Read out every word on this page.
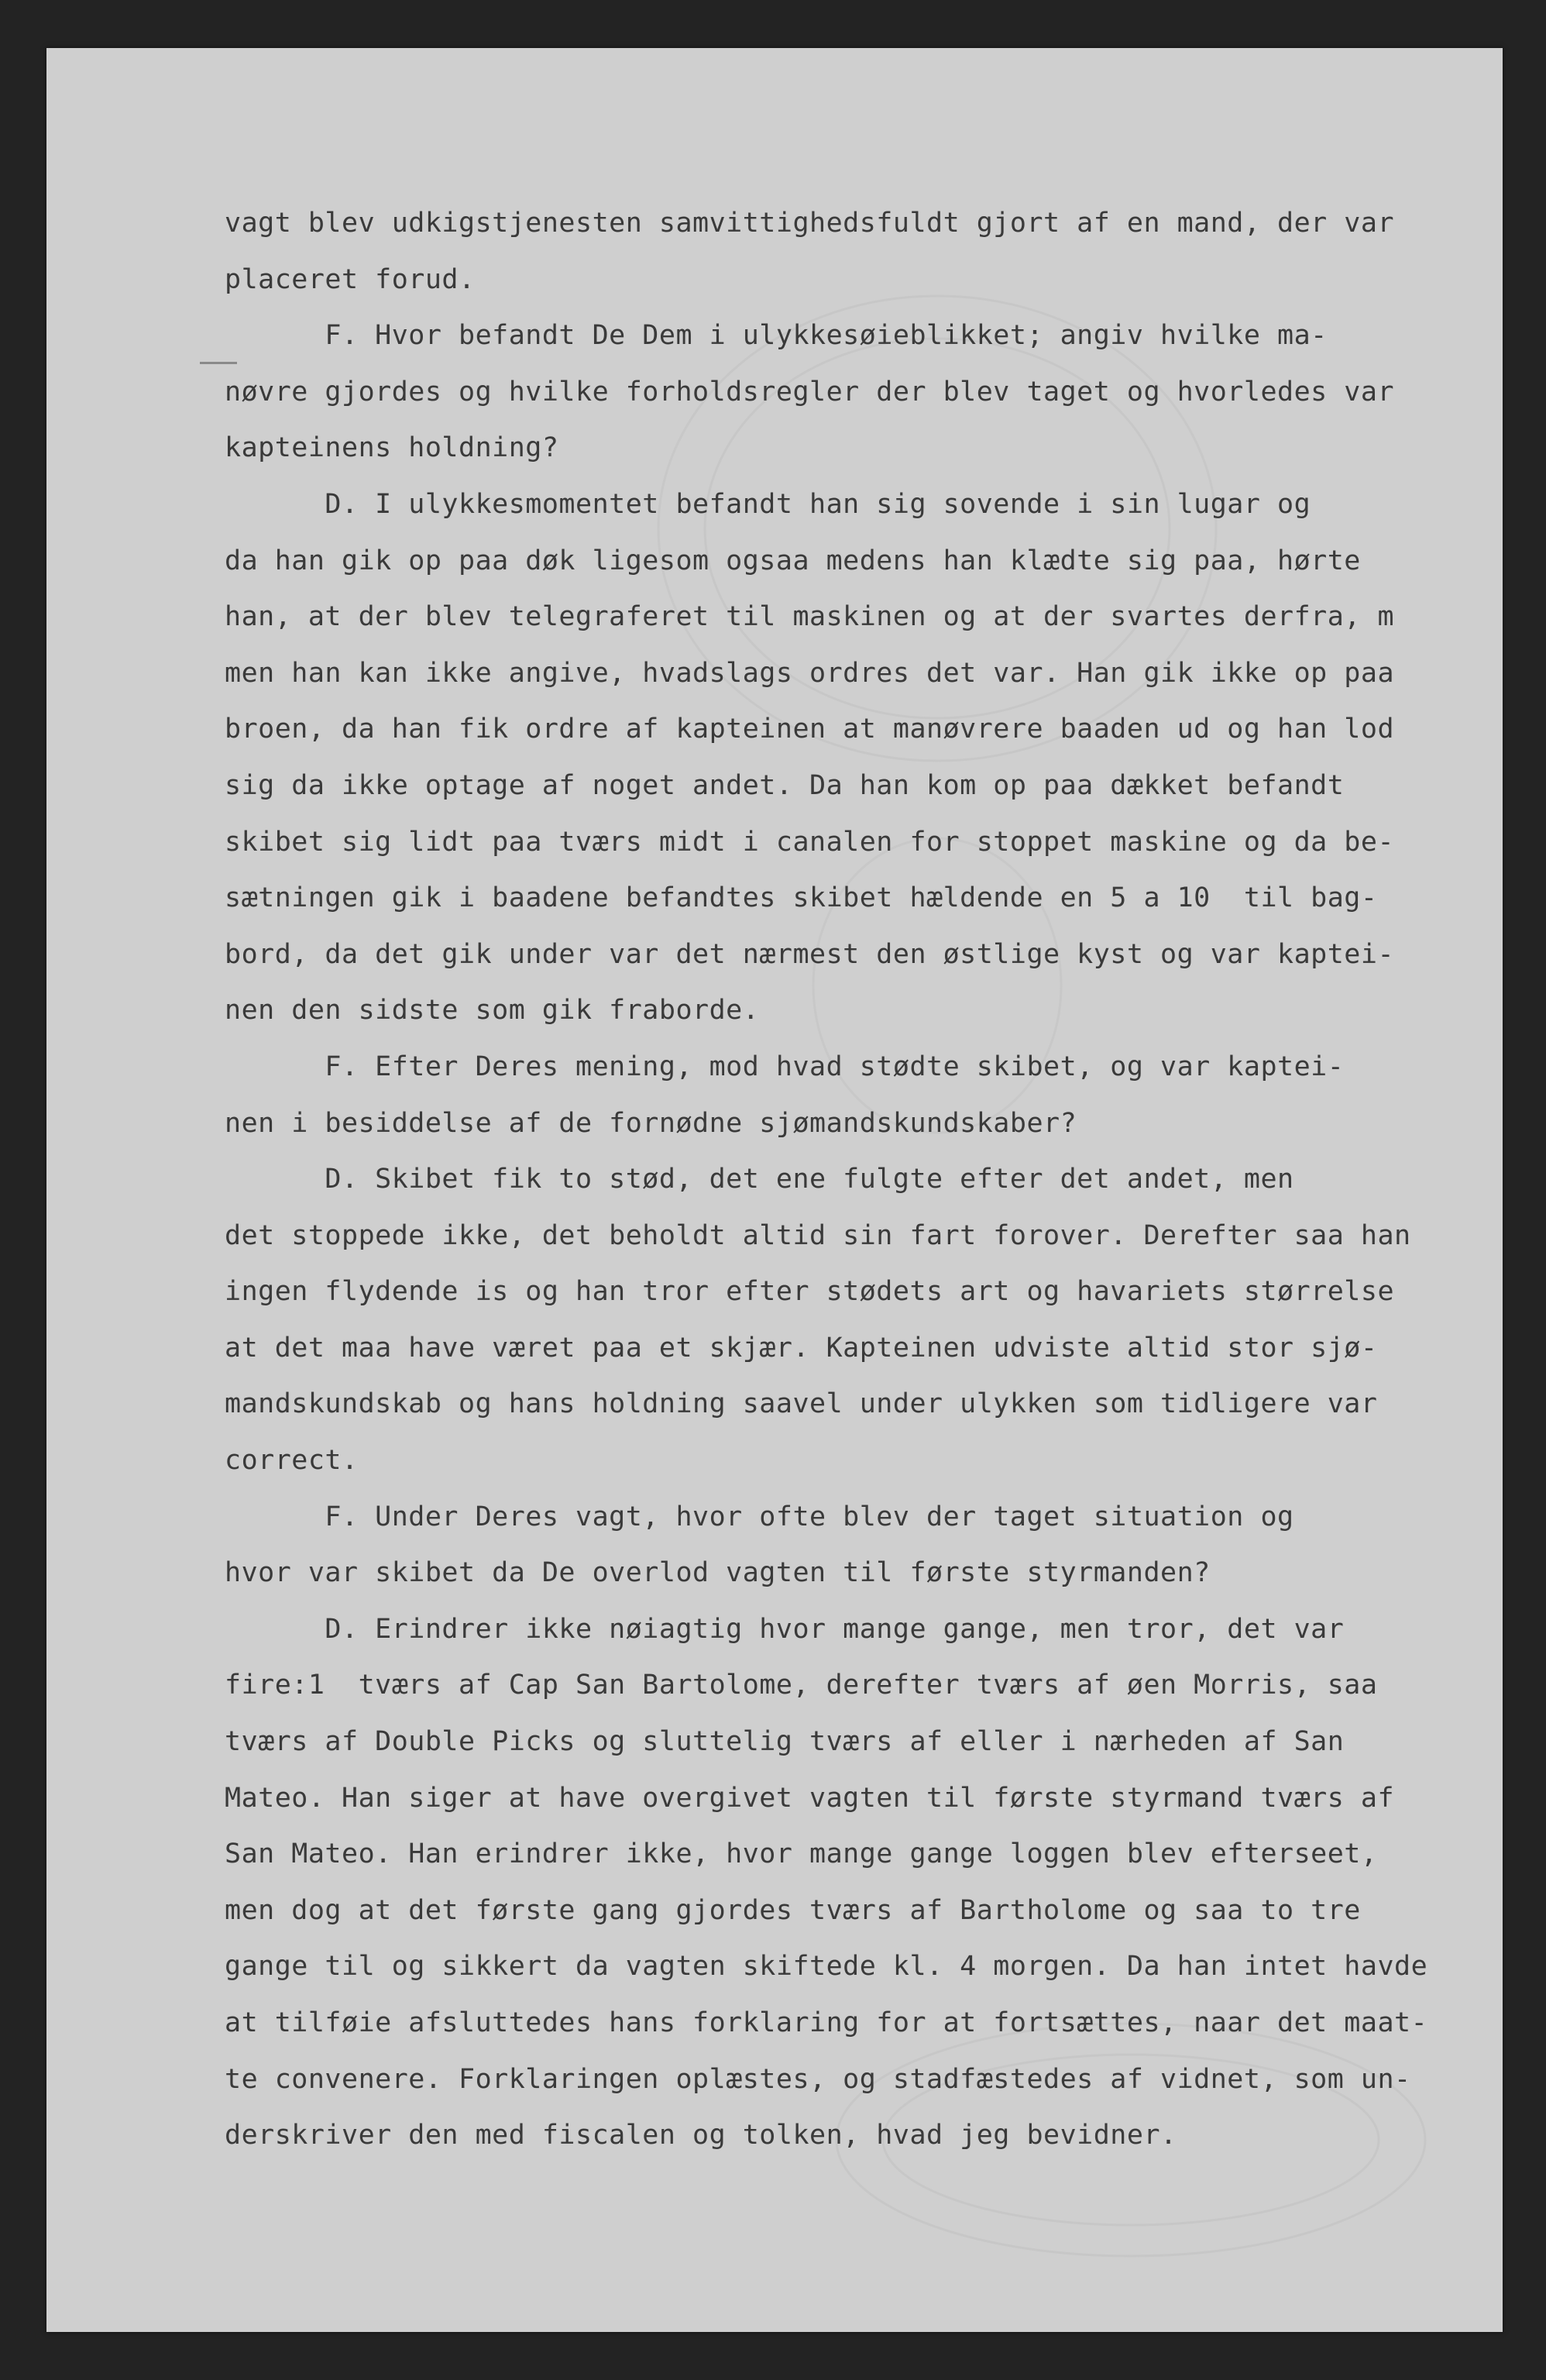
vagt blev udkigstjenesten samvittighedsfuldt gjort af en mand, der var
placeret forud.
F. Hvor befandt De Dem i ulykkesøieblikket; angiv hvilke ma-
nøvre gjordes og hvilke forholdsregler der blev taget og hvorledes var
kapteinens holdning?
D. I ulykkesmomentet befandt han sig sovende i sin lugar og
da han gik op paa døk ligesom ogsaa medens han klædte sig paa, hørte
han, at der blev telegraferet til maskinen og at der svartes derfra, m
men han kan ikke angive, hvadslags ordres det var. Han gik ikke op paa
broen, da han fik ordre af kapteinen at manøvrere baaden ud og han lod
sig da ikke optage af noget andet. Da han kom op paa dækket befandt
skibet sig lidt paa tværs midt i canalen for stoppet maskine og da be-
sætningen gik i baadene befandtes skibet hældende en 5 a 10  til bag-
bord, da det gik under var det nærmest den østlige kyst og var kaptei-
nen den sidste som gik fraborde.
F. Efter Deres mening, mod hvad stødte skibet, og var kaptei-
nen i besiddelse af de fornødne sjømandskundskaber?
D. Skibet fik to stød, det ene fulgte efter det andet, men
det stoppede ikke, det beholdt altid sin fart forover. Derefter saa han
ingen flydende is og han tror efter stødets art og havariets størrelse
at det maa have været paa et skjær. Kapteinen udviste altid stor sjø-
mandskundskab og hans holdning saavel under ulykken som tidligere var
correct.
F. Under Deres vagt, hvor ofte blev der taget situation og
hvor var skibet da De overlod vagten til første styrmanden?
D. Erindrer ikke nøiagtig hvor mange gange, men tror, det var
fire:1  tværs af Cap San Bartolome, derefter tværs af øen Morris, saa
tværs af Double Picks og sluttelig tværs af eller i nærheden af San
Mateo. Han siger at have overgivet vagten til første styrmand tværs af
San Mateo. Han erindrer ikke, hvor mange gange loggen blev efterseet,
men dog at det første gang gjordes tværs af Bartholome og saa to tre
gange til og sikkert da vagten skiftede kl. 4 morgen. Da han intet havde
at tilføie afsluttedes hans forklaring for at fortsættes, naar det maat-
te convenere. Forklaringen oplæstes, og stadfæstedes af vidnet, som un-
derskriver den med fiscalen og tolken, hvad jeg bevidner.
